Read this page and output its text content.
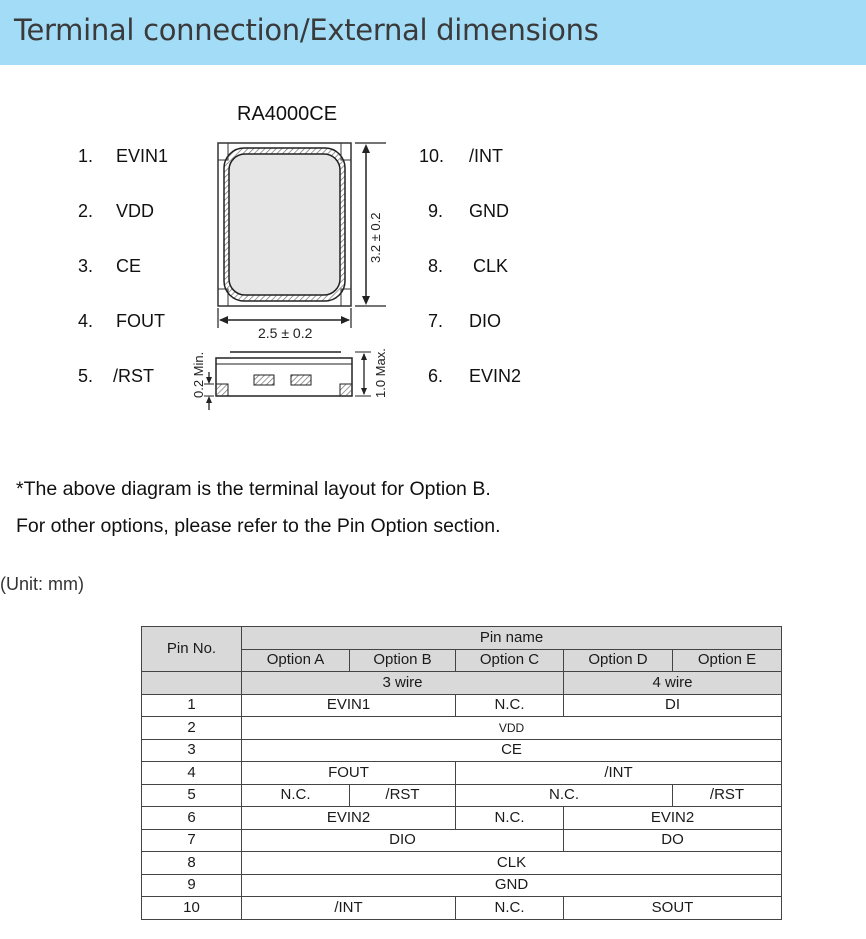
Terminal connection/External dimensions
RA4000CE
1. EVIN1
2. VDD
3. CE
4. FOUT
5. /RST
10. /INT
9. GND
8. CLK
7. DIO
6. EVIN2
3.2 ± 0.2
2.5 ± 0.2
1.0 Max.
0.2 Min.
*The above diagram is the terminal layout for Option B.
For other options, please refer to the Pin Option section.
(Unit: mm)
Pin No.	Pin name				
	Option A	Option B	Option C	Option D	Option E
	3 wire			4 wire	
1	EVIN1		N.C.	DI	
2	VDD				
3	CE				
4	FOUT		/INT		
5	N.C.	/RST	N.C.		/RST
6	EVIN2		N.C.	EVIN2	
7	DIO			DO	
8	CLK				
9	GND				
10	/INT		N.C.	SOUT	
